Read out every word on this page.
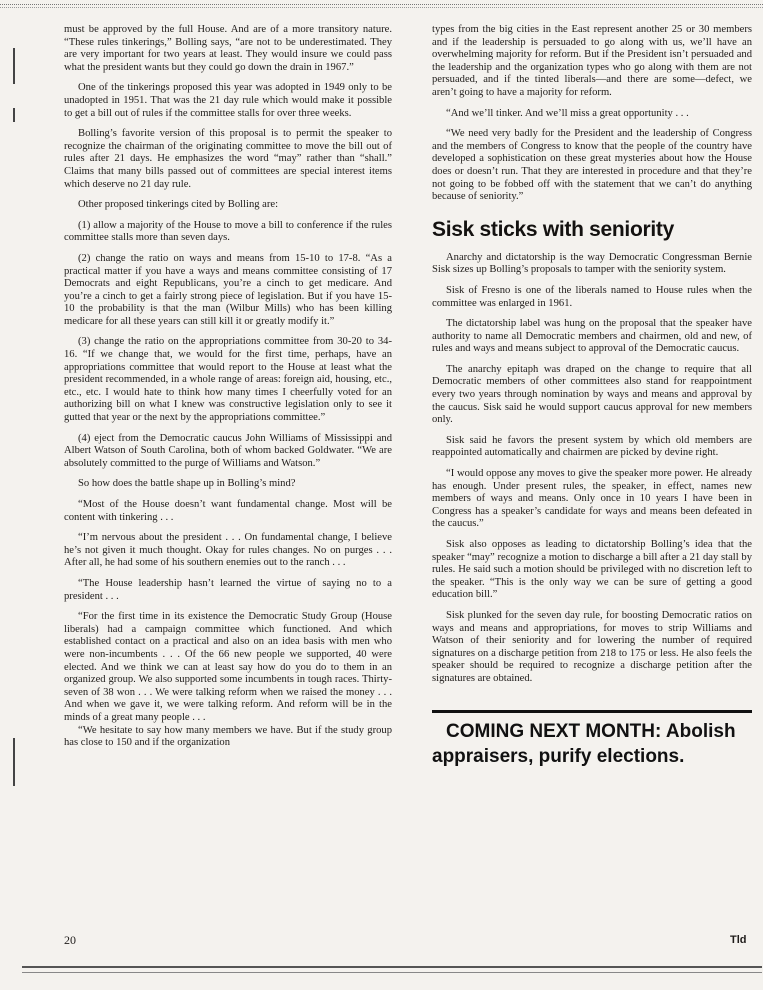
must be approved by the full House. And are of a more transitory nature. “These rules tinkerings,” Bolling says, “are not to be underestimated. They are very important for two years at least. They would insure we could pass what the president wants but they could go down the drain in 1967.”

One of the tinkerings proposed this year was adopted in 1949 only to be unadopted in 1951. That was the 21 day rule which would make it possible to get a bill out of rules if the committee stalls for over three weeks.

Bolling’s favorite version of this proposal is to permit the speaker to recognize the chairman of the originating committee to move the bill out of rules after 21 days. He emphasizes the word “may” rather than “shall.” Claims that many bills passed out of committees are special interest items which deserve no 21 day rule.

Other proposed tinkerings cited by Bolling are:

(1) allow a majority of the House to move a bill to conference if the rules committee stalls more than seven days.

(2) change the ratio on ways and means from 15-10 to 17-8. “As a practical matter if you have a ways and means committee consisting of 17 Democrats and eight Republicans, you’re a cinch to get medicare. And you’re a cinch to get a fairly strong piece of legislation. But if you have 15-10 the probability is that the man (Wilbur Mills) who has been killing medicare for all these years can still kill it or greatly modify it.”

(3) change the ratio on the appropriations committee from 30-20 to 34-16. “If we change that, we would for the first time, perhaps, have an appropriations committee that would report to the House at least what the president recommended, in a whole range of areas: foreign aid, housing, etc., etc., etc. I would hate to think how many times I cheerfully voted for an authorizing bill on what I knew was constructive legislation only to see it gutted that year or the next by the appropriations committee.”

(4) eject from the Democratic caucus John Williams of Mississippi and Albert Watson of South Carolina, both of whom backed Goldwater. “We are absolutely committed to the purge of Williams and Watson.”

So how does the battle shape up in Bolling’s mind?

“Most of the House doesn’t want fundamental change. Most will be content with tinkering . . .

“I’m nervous about the president . . . On fundamental change, I believe he’s not given it much thought. Okay for rules changes. No on purges . . . After all, he had some of his southern enemies out to the ranch . . .

“The House leadership hasn’t learned the virtue of saying no to a president . . .

“For the first time in its existence the Democratic Study Group (House liberals) had a campaign committee which functioned. And which established contact on a practical and also on an idea basis with men who were non-incumbents . . . Of the 66 new people we supported, 40 were elected. And we think we can at least say how do you do to them in an organized group. We also supported some incumbents in tough races. Thirty-seven of 38 won . . . We were talking reform when we raised the money . . . And when we gave it, we were talking reform. And reform will be in the minds of a great many people . . .

“We hesitate to say how many members we have. But if the study group has close to 150 and if the organization

types from the big cities in the East represent another 25 or 30 members and if the leadership is persuaded to go along with us, we’ll have an overwhelming majority for reform. But if the President isn’t persuaded and the leadership and the organization types who go along with them are not persuaded, and if the tinted liberals—and there are some—defect, we aren’t going to have a majority for reform.

“And we’ll tinker. And we’ll miss a great opportunity . . .

“We need very badly for the President and the leadership of Congress and the members of Congress to know that the people of the country have developed a sophistication on these great mysteries about how the House does or doesn’t run. That they are interested in procedure and that they’re not going to be fobbed off with the statement that we can’t do anything because of seniority.”

Sisk sticks with seniority

Anarchy and dictatorship is the way Democratic Congressman Bernie Sisk sizes up Bolling’s proposals to tamper with the seniority system.

Sisk of Fresno is one of the liberals named to House rules when the committee was enlarged in 1961.

The dictatorship label was hung on the proposal that the speaker have authority to name all Democratic members and chairmen, old and new, of rules and ways and means subject to approval of the Democratic caucus.

The anarchy epitaph was draped on the change to require that all Democratic members of other committees also stand for reappointment every two years through nomination by ways and means and approval by the caucus. Sisk said he would support caucus approval for new members only.

Sisk said he favors the present system by which old members are reappointed automatically and chairmen are picked by devine right.

“I would oppose any moves to give the speaker more power. He already has enough. Under present rules, the speaker, in effect, names new members of ways and means. Only once in 10 years I have been in Congress has a speaker’s candidate for ways and means been defeated in the caucus.”

Sisk also opposes as leading to dictatorship Bolling’s idea that the speaker “may” recognize a motion to discharge a bill after a 21 day stall by rules. He said such a motion should be privileged with no discretion left to the speaker. “This is the only way we can be sure of getting a good education bill.”

Sisk plunked for the seven day rule, for boosting Democratic ratios on ways and means and appropriations, for moves to strip Williams and Watson of their seniority and for lowering the number of required signatures on a discharge petition from 218 to 175 or less. He also feels the speaker should be required to recognize a discharge petition after the signatures are obtained.

COMING NEXT MONTH: Abolish appraisers, purify elections.

20	Tld
